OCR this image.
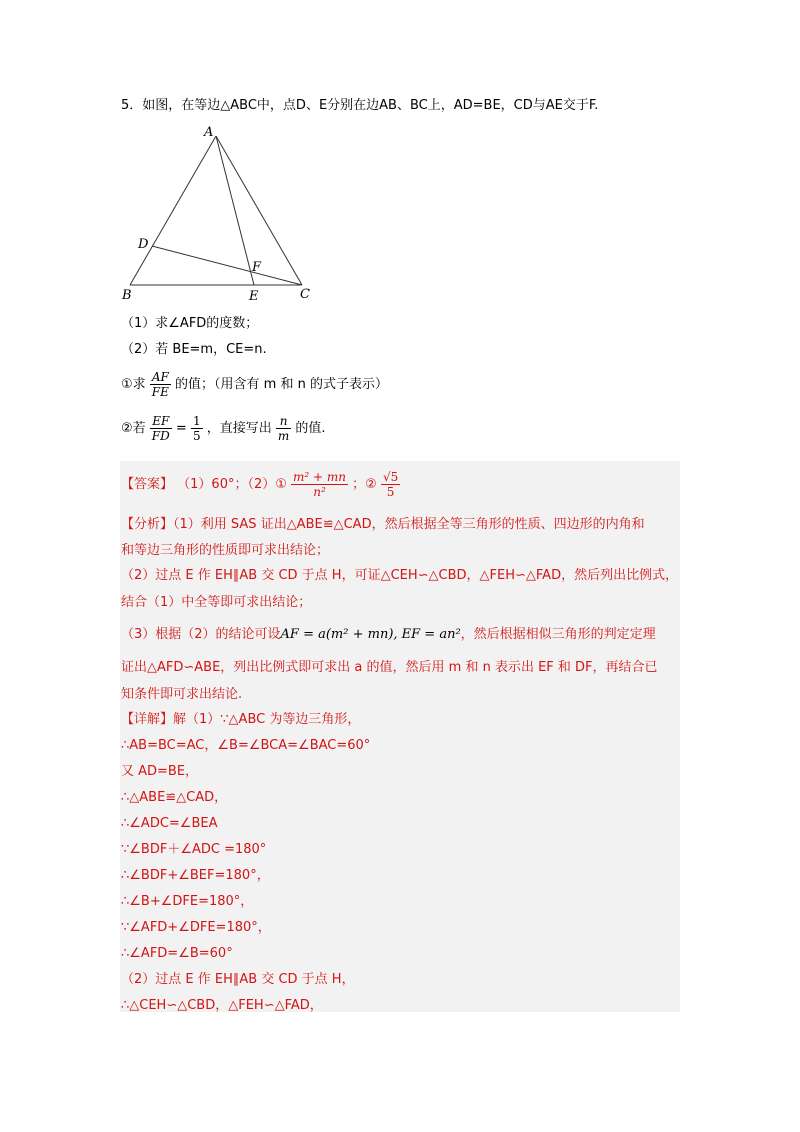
5．如图，在等边△ABC中，点D、E分别在边AB、BC上，AD=BE，CD与AE交于F.
A
B	C
D
E
F
（1）求∠AFD的度数；
（2）若 BE=m，CE=n.
①求 $\frac{AF}{FE}$ 的值；（用含有 m 和 n 的式子表示）
②若 $\frac{EF}{FD} = \frac{1}{5}$ ，直接写出 $\frac{n}{m}$ 的值.
【答案】 （1）60°；（2）① $\frac{\text{m² + mn}}{\text{n²}}$ ；② $\frac{√5}{5}$
【分析】（1）利用 SAS 证出△ABE≌△CAD，然后根据全等三角形的性质、四边形的内角和
和等边三角形的性质即可求出结论；
（2）过点 E 作 EH∥AB 交 CD 于点 H，可证△CEH∽△CBD，△FEH∽△FAD，然后列出比例式，
结合（1）中全等即可求出结论；
（3）根据（2）的结论可设AF = a(m² + mn), EF = an²，然后根据相似三角形的判定定理
证出△AFD∽ABE，列出比例式即可求出 a 的值，然后用 m 和 n 表示出 EF 和 DF，再结合已
知条件即可求出结论.
【详解】解（1）∵△ABC 为等边三角形，
∴AB=BC=AC，∠B=∠BCA=∠BAC=60°
又 AD=BE，
∴△ABE≌△CAD，
∴∠ADC=∠BEA
∵∠BDF＋∠ADC =180°
∴∠BDF+∠BEF=180°，
∴∠B+∠DFE=180°，
∵∠AFD+∠DFE=180°，
∴∠AFD=∠B=60°
（2）过点 E 作 EH∥AB 交 CD 于点 H，
∴△CEH∽△CBD，△FEH∽△FAD，
